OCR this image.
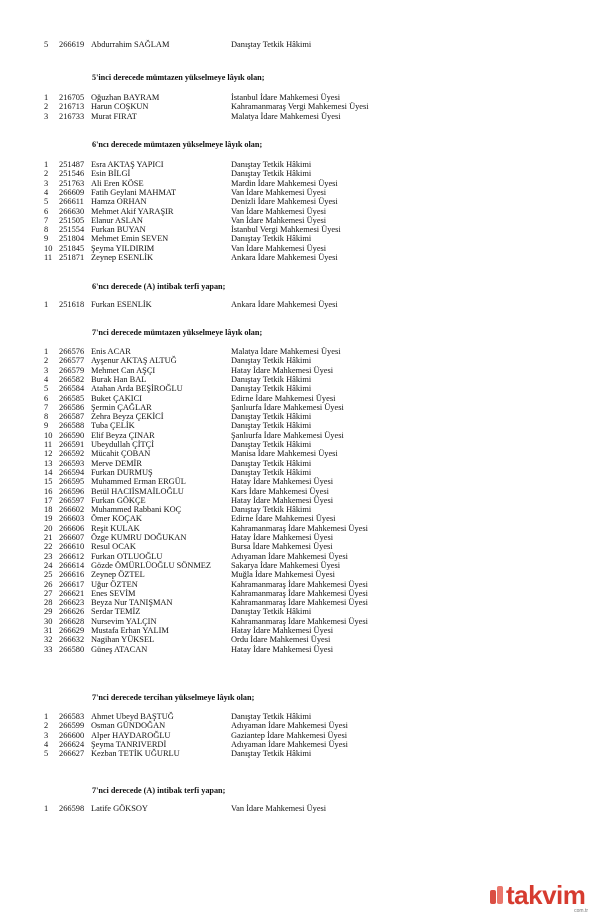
5	266619 Abdurrahim SAĞLAM	Danıştay Tetkik Hâkimi
5'inci derecede mümtazen yükselmeye lâyık olan;
1	216705 Oğuzhan BAYRAM	İstanbul İdare Mahkemesi Üyesi
2	216713 Harun COŞKUN	Kahramanmaraş Vergi Mahkemesi Üyesi
3	216733 Murat FIRAT	Malatya İdare Mahkemesi Üyesi
6'ncı derecede mümtazen yükselmeye lâyık olan;
1	251487 Esra AKTAŞ YAPICI	Danıştay Tetkik Hâkimi
2	251546 Esin BİLGİ	Danıştay Tetkik Hâkimi
3	251763 Ali Eren KÖSE	Mardin İdare Mahkemesi Üyesi
4	266609 Fatih Geylani MAHMAT	Van İdare Mahkemesi Üyesi
5	266611 Hamza ORHAN	Denizli İdare Mahkemesi Üyesi
6	266630 Mehmet Akif YARAŞIR	Van İdare Mahkemesi Üyesi
7	251505 Elanur ASLAN	Van İdare Mahkemesi Üyesi
8	251554 Furkan BUYAN	İstanbul Vergi Mahkemesi Üyesi
9	251804 Mehmet Emin SEVEN	Danıştay Tetkik Hâkimi
10 251845 Şeyma YILDIRIM	Van İdare Mahkemesi Üyesi
11 251871 Zeynep ESENLİK	Ankara İdare Mahkemesi Üyesi
6'ncı derecede (A) intibak terfi yapan;
1	251618 Furkan ESENLİK	Ankara İdare Mahkemesi Üyesi
7'nci derecede mümtazen yükselmeye lâyık olan;
1	266576 Enis ACAR	Malatya İdare Mahkemesi Üyesi
2	266577 Ayşenur AKTAŞ ALTUĞ	Danıştay Tetkik Hâkimi
3	266579 Mehmet Can AŞÇI	Hatay İdare Mahkemesi Üyesi
4	266582 Burak Han BAL	Danıştay Tetkik Hâkimi
5	266584 Atahan Arda BEŞİROĞLU	Danıştay Tetkik Hâkimi
6	266585 Buket ÇAKICI	Edirne İdare Mahkemesi Üyesi
7	266586 Şermin ÇAĞLAR	Şanlıurfa İdare Mahkemesi Üyesi
8	266587 Zehra Beyza ÇEKİCİ	Danıştay Tetkik Hâkimi
9	266588 Tuba ÇELİK	Danıştay Tetkik Hâkimi
10 266590 Elif Beyza ÇINAR	Şanlıurfa İdare Mahkemesi Üyesi
11 266591 Ubeydullah ÇİTÇİ	Danıştay Tetkik Hâkimi
12 266592 Mücahit ÇOBAN	Manisa İdare Mahkemesi Üyesi
13 266593 Merve DEMİR	Danıştay Tetkik Hâkimi
14 266594 Furkan DURMUŞ	Danıştay Tetkik Hâkimi
15 266595 Muhammed Erman ERGÜL	Hatay İdare Mahkemesi Üyesi
16 266596 Betül HACIİSMAİLOĞLU	Kars İdare Mahkemesi Üyesi
17 266597 Furkan GÖKÇE	Hatay İdare Mahkemesi Üyesi
18 266602 Muhammed Rabbani KOÇ	Danıştay Tetkik Hâkimi
19 266603 Ömer KOÇAK	Edirne İdare Mahkemesi Üyesi
20 266606 Reşit KULAK	Kahramanmaraş İdare Mahkemesi Üyesi
21 266607 Özge KUMRU DOĞUKAN	Hatay İdare Mahkemesi Üyesi
22 266610 Resul OCAK	Bursa İdare Mahkemesi Üyesi
23 266612 Furkan OTLUOĞLU	Adıyaman İdare Mahkemesi Üyesi
24 266614 Gözde ÖMÜRLÜOĞLU SÖNMEZ	Sakarya İdare Mahkemesi Üyesi
25 266616 Zeynep ÖZTEL	Muğla İdare Mahkemesi Üyesi
26 266617 Uğur ÖZTEN	Kahramanmaraş İdare Mahkemesi Üyesi
27 266621 Enes SEVİM	Kahramanmaraş İdare Mahkemesi Üyesi
28 266623 Beyza Nur TANIŞMAN	Kahramanmaraş İdare Mahkemesi Üyesi
29 266626 Serdar TEMİZ	Danıştay Tetkik Hâkimi
30 266628 Nursevim YALÇIN	Kahramanmaraş İdare Mahkemesi Üyesi
31 266629 Mustafa Erhan YALIM	Hatay İdare Mahkemesi Üyesi
32 266632 Nagihan YÜKSEL	Ordu İdare Mahkemesi Üyesi
33 266580 Güneş ATACAN	Hatay İdare Mahkemesi Üyesi
7'nci derecede tercihan yükselmeye lâyık olan;
1	266583 Ahmet Ubeyd BAŞTUĞ	Danıştay Tetkik Hâkimi
2	266599 Osman GÜNDOĞAN	Adıyaman İdare Mahkemesi Üyesi
3	266600 Alper HAYDAROĞLU	Gaziantep İdare Mahkemesi Üyesi
4	266624 Şeyma TANRIVERDİ	Adıyaman İdare Mahkemesi Üyesi
5	266627 Kezban TETİK UĞURLU	Danıştay Tetkik Hâkimi
7'nci derecede (A) intibak terfi yapan;
1	266598 Latife GÖKSOY	Van İdare Mahkemesi Üyesi
takvim
com.tr
